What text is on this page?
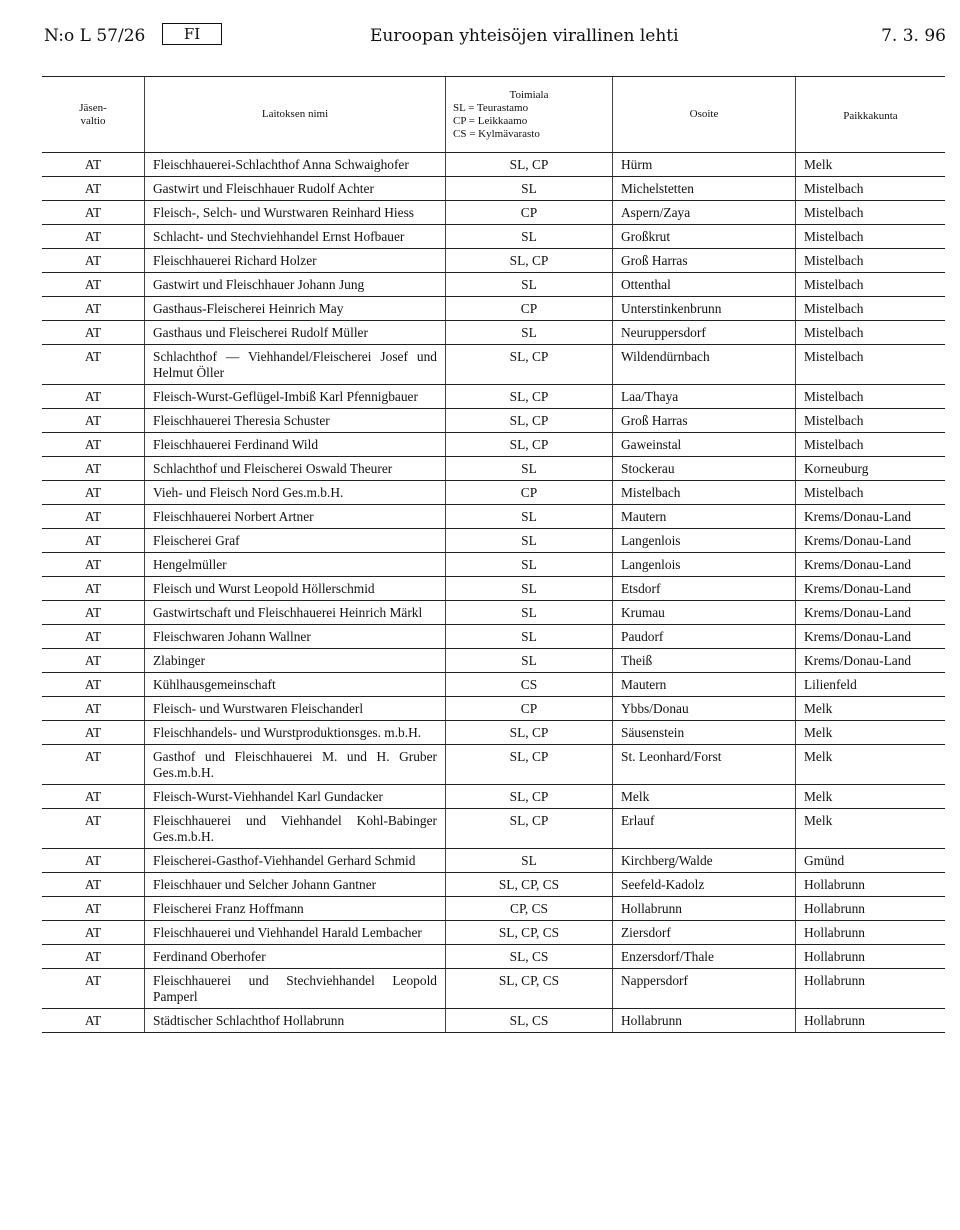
N:o L 57/26	FI	Euroopan yhteisöjen virallinen lehti	7. 3. 96
Jäsen-
valtio	Laitoksen nimi	Toimiala
SL = Teurastamo
CP = Leikkaamo
CS = Kylmävarasto	Osoite	Paikkakunta
AT	Fleischhauerei-Schlachthof Anna Schwaighofer	SL, CP	Hürm	Melk
AT	Gastwirt und Fleischhauer Rudolf Achter	SL	Michelstetten	Mistelbach
AT	Fleisch-, Selch- und Wurstwaren Reinhard Hiess	CP	Aspern/Zaya	Mistelbach
AT	Schlacht- und Stechviehhandel Ernst Hofbauer	SL	Großkrut	Mistelbach
AT	Fleischhauerei Richard Holzer	SL, CP	Groß Harras	Mistelbach
AT	Gastwirt und Fleischhauer Johann Jung	SL	Ottenthal	Mistelbach
AT	Gasthaus-Fleischerei Heinrich May	CP	Unterstinkenbrunn	Mistelbach
AT	Gasthaus und Fleischerei Rudolf Müller	SL	Neuruppersdorf	Mistelbach
AT	Schlachthof — Viehhandel/Fleischerei Josef und Helmut Öller	SL, CP	Wildendürnbach	Mistelbach
AT	Fleisch-Wurst-Geflügel-Imbiß Karl Pfennigbauer	SL, CP	Laa/Thaya	Mistelbach
AT	Fleischhauerei Theresia Schuster	SL, CP	Groß Harras	Mistelbach
AT	Fleischhauerei Ferdinand Wild	SL, CP	Gaweinstal	Mistelbach
AT	Schlachthof und Fleischerei Oswald Theurer	SL	Stockerau	Korneuburg
AT	Vieh- und Fleisch Nord Ges.m.b.H.	CP	Mistelbach	Mistelbach
AT	Fleischhauerei Norbert Artner	SL	Mautern	Krems/Donau-Land
AT	Fleischerei Graf	SL	Langenlois	Krems/Donau-Land
AT	Hengelmüller	SL	Langenlois	Krems/Donau-Land
AT	Fleisch und Wurst Leopold Höllerschmid	SL	Etsdorf	Krems/Donau-Land
AT	Gastwirtschaft und Fleischhauerei Heinrich Märkl	SL	Krumau	Krems/Donau-Land
AT	Fleischwaren Johann Wallner	SL	Paudorf	Krems/Donau-Land
AT	Zlabinger	SL	Theiß	Krems/Donau-Land
AT	Kühlhausgemeinschaft	CS	Mautern	Lilienfeld
AT	Fleisch- und Wurstwaren Fleischanderl	CP	Ybbs/Donau	Melk
AT	Fleischhandels- und Wurstproduktionsges. m.b.H.	SL, CP	Säusenstein	Melk
AT	Gasthof und Fleischhauerei M. und H. Gruber Ges.m.b.H.	SL, CP	St. Leonhard/Forst	Melk
AT	Fleisch-Wurst-Viehhandel Karl Gundacker	SL, CP	Melk	Melk
AT	Fleischhauerei und Viehhandel Kohl-Babinger Ges.m.b.H.	SL, CP	Erlauf	Melk
AT	Fleischerei-Gasthof-Viehhandel Gerhard Schmid	SL	Kirchberg/Walde	Gmünd
AT	Fleischhauer und Selcher Johann Gantner	SL, CP, CS	Seefeld-Kadolz	Hollabrunn
AT	Fleischerei Franz Hoffmann	CP, CS	Hollabrunn	Hollabrunn
AT	Fleischhauerei und Viehhandel Harald Lembacher	SL, CP, CS	Ziersdorf	Hollabrunn
AT	Ferdinand Oberhofer	SL, CS	Enzersdorf/Thale	Hollabrunn
AT	Fleischhauerei und Stechviehhandel Leopold Pamperl	SL, CP, CS	Nappersdorf	Hollabrunn
AT	Städtischer Schlachthof Hollabrunn	SL, CS	Hollabrunn	Hollabrunn
